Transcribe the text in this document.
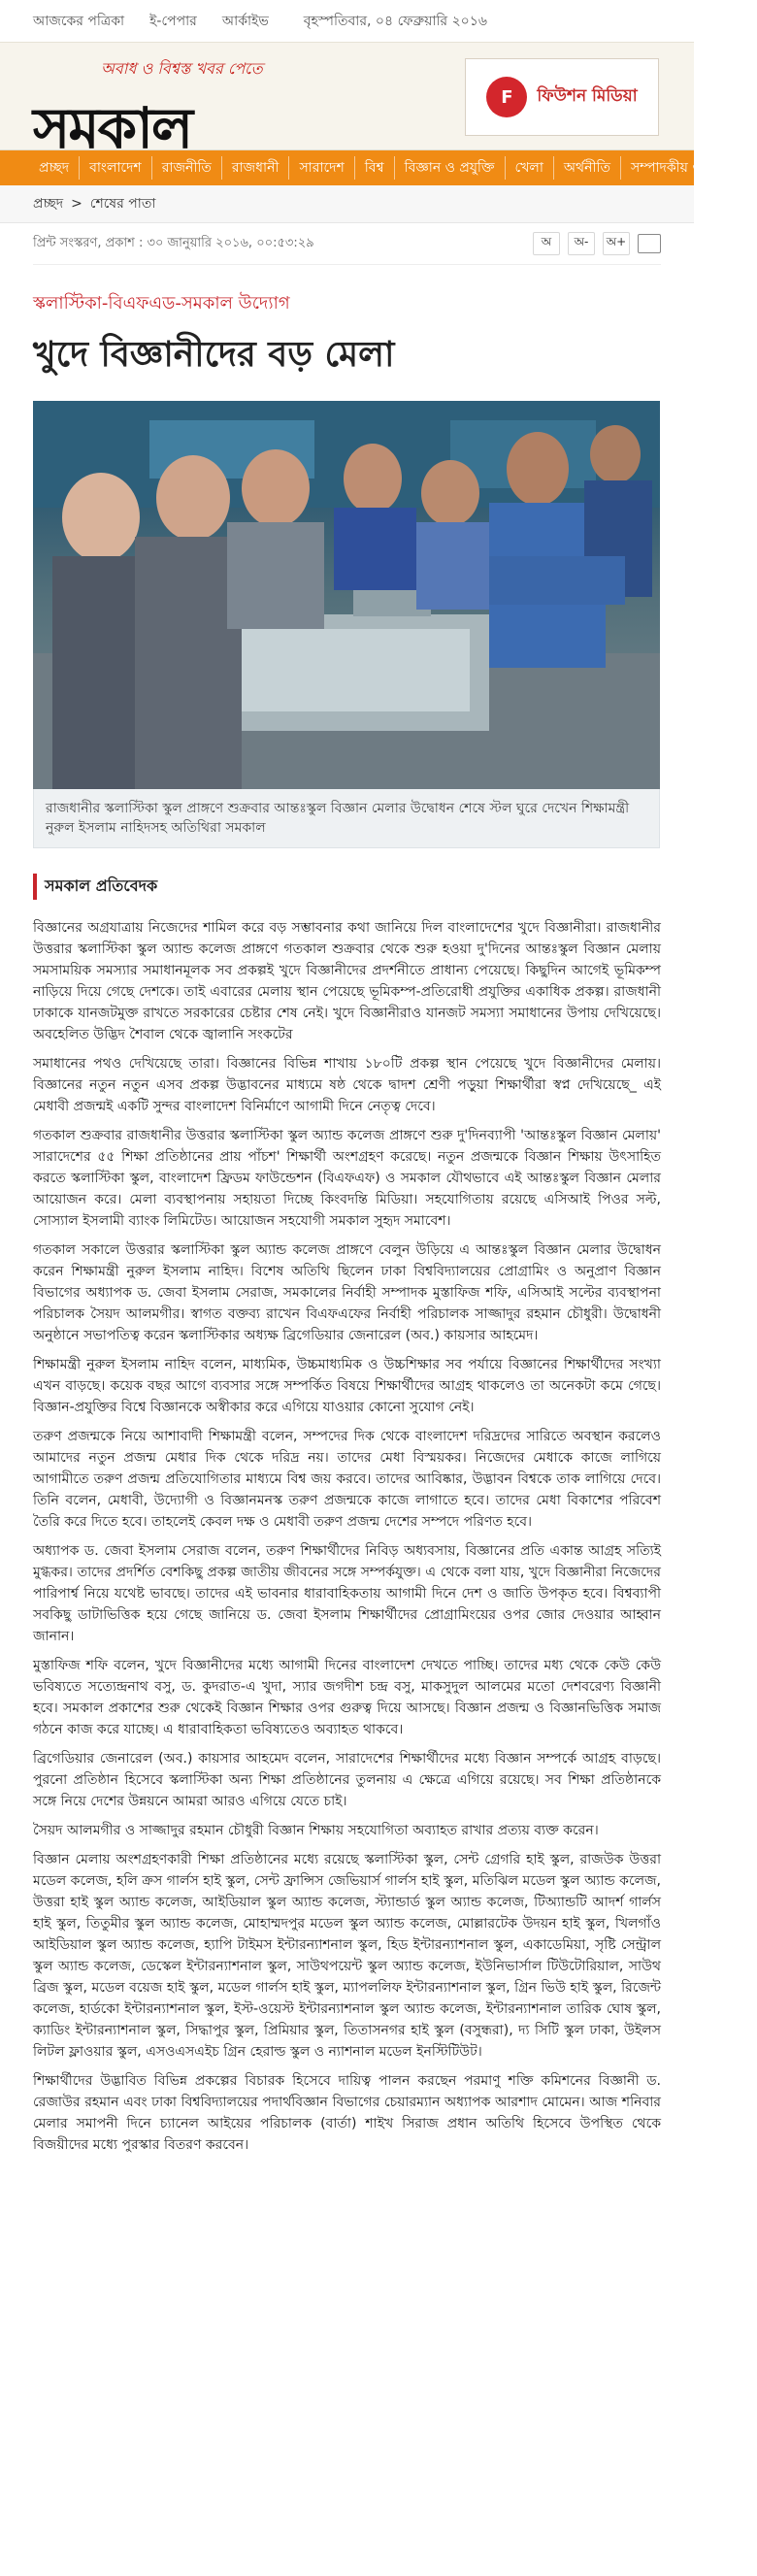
আজকের পত্রিকা ই-পেপার আর্কাইভ	বৃহস্পতিবার, ০৪ ফেব্রুয়ারি ২০১৬
অবাধ ও বিশ্বস্ত খবর পেতে
সমকাল	F	ফিউশন মিডিয়া
প্রচ্ছদ	বাংলাদেশ	রাজনীতি	রাজধানী	সারাদেশ	বিশ্ব	বিজ্ঞান ও প্রযুক্তি	খেলা	অর্থনীতি	সম্পাদকীয় ও মতামত
প্রচ্ছদ > শেষের পাতা
প্রিন্ট সংস্করণ, প্রকাশ : ৩০ জানুয়ারি ২০১৬, ০০:৫৩:২৯	অ	অ-	অ+
স্কলাস্টিকা-বিএফএড-সমকাল উদ্যোগ
খুদে বিজ্ঞানীদের বড় মেলা
রাজধানীর স্কলাস্টিকা স্কুল প্রাঙ্গণে শুক্রবার আন্তঃস্কুল বিজ্ঞান মেলার উদ্বোধন শেষে স্টল ঘুরে দেখেন শিক্ষামন্ত্রী নুরুল ইসলাম নাহিদসহ অতিথিরা সমকাল
সমকাল প্রতিবেদক

বিজ্ঞানের অগ্রযাত্রায় নিজেদের শামিল করে বড় সম্ভাবনার কথা জানিয়ে দিল বাংলাদেশের খুদে বিজ্ঞানীরা। রাজধানীর উত্তরার স্কলাস্টিকা স্কুল অ্যান্ড কলেজ প্রাঙ্গণে গতকাল শুক্রবার থেকে শুরু হওয়া দু'দিনের আন্তঃস্কুল বিজ্ঞান মেলায় সমসাময়িক সমস্যার সমাধানমূলক সব প্রকল্পই খুদে বিজ্ঞানীদের প্রদর্শনীতে প্রাধান্য পেয়েছে। কিছুদিন আগেই ভূমিকম্প নাড়িয়ে দিয়ে গেছে দেশকে। তাই এবারের মেলায় স্থান পেয়েছে ভূমিকম্প-প্রতিরোধী প্রযুক্তির একাধিক প্রকল্প। রাজধানী ঢাকাকে যানজটমুক্ত রাখতে সরকারের চেষ্টার শেষ নেই। খুদে বিজ্ঞানীরাও যানজট সমস্যা সমাধানের উপায় দেখিয়েছে। অবহেলিত উদ্ভিদ শৈবাল থেকে জ্বালানি সংকটের

সমাধানের পথও দেখিয়েছে তারা। বিজ্ঞানের বিভিন্ন শাখায় ১৮০টি প্রকল্প স্থান পেয়েছে খুদে বিজ্ঞানীদের মেলায়। বিজ্ঞানের নতুন নতুন এসব প্রকল্প উদ্ভাবনের মাধ্যমে ষষ্ঠ থেকে দ্বাদশ শ্রেণী পড়ুয়া শিক্ষার্থীরা স্বপ্ন দেখিয়েছে_ এই মেধাবী প্রজন্মই একটি সুন্দর বাংলাদেশ বিনির্মাণে আগামী দিনে নেতৃত্ব দেবে।

গতকাল শুক্রবার রাজধানীর উত্তরার স্কলাস্টিকা স্কুল অ্যান্ড কলেজ প্রাঙ্গণে শুরু দু'দিনব্যাপী 'আন্তঃস্কুল বিজ্ঞান মেলায়' সারাদেশের ৫৫ শিক্ষা প্রতিষ্ঠানের প্রায় পাঁচশ' শিক্ষার্থী অংশগ্রহণ করেছে। নতুন প্রজন্মকে বিজ্ঞান শিক্ষায় উৎসাহিত করতে স্কলাস্টিকা স্কুল, বাংলাদেশ ফ্রিডম ফাউন্ডেশন (বিএফএফ) ও সমকাল যৌথভাবে এই আন্তঃস্কুল বিজ্ঞান মেলার আয়োজন করে। মেলা ব্যবস্থাপনায় সহায়তা দিচ্ছে কিংবদন্তি মিডিয়া। সহযোগিতায় রয়েছে এসিআই পিওর সল্ট, সোস্যাল ইসলামী ব্যাংক লিমিটেড। আয়োজন সহযোগী সমকাল সুহৃদ সমাবেশ।

গতকাল সকালে উত্তরার স্কলাস্টিকা স্কুল অ্যান্ড কলেজ প্রাঙ্গণে বেলুন উড়িয়ে এ আন্তঃস্কুল বিজ্ঞান মেলার উদ্বোধন করেন শিক্ষামন্ত্রী নুরুল ইসলাম নাহিদ। বিশেষ অতিথি ছিলেন ঢাকা বিশ্ববিদ্যালয়ের প্রোগ্রামিং ও অনুপ্রাণ বিজ্ঞান বিভাগের অধ্যাপক ড. জেবা ইসলাম সেরাজ, সমকালের নির্বাহী সম্পাদক মুস্তাফিজ শফি, এসিআই সল্টের ব্যবস্থাপনা পরিচালক সৈয়দ আলমগীর। স্বাগত বক্তব্য রাখেন বিএফএফের নির্বাহী পরিচালক সাজ্জাদুর রহমান চৌধুরী। উদ্বোধনী অনুষ্ঠানে সভাপতিত্ব করেন স্কলাস্টিকার অধ্যক্ষ ব্রিগেডিয়ার জেনারেল (অব.) কায়সার আহমেদ।

শিক্ষামন্ত্রী নুরুল ইসলাম নাহিদ বলেন, মাধ্যমিক, উচ্চমাধ্যমিক ও উচ্চশিক্ষার সব পর্যায়ে বিজ্ঞানের শিক্ষার্থীদের সংখ্যা এখন বাড়ছে। কয়েক বছর আগে ব্যবসার সঙ্গে সম্পর্কিত বিষয়ে শিক্ষার্থীদের আগ্রহ থাকলেও তা অনেকটা কমে গেছে। বিজ্ঞান-প্রযুক্তির বিশ্বে বিজ্ঞানকে অস্বীকার করে এগিয়ে যাওয়ার কোনো সুযোগ নেই।

তরুণ প্রজন্মকে নিয়ে আশাবাদী শিক্ষামন্ত্রী বলেন, সম্পদের দিক থেকে বাংলাদেশ দরিদ্রদের সারিতে অবস্থান করলেও আমাদের নতুন প্রজন্ম মেধার দিক থেকে দরিদ্র নয়। তাদের মেধা বিস্ময়কর। নিজেদের মেধাকে কাজে লাগিয়ে আগামীতে তরুণ প্রজন্ম প্রতিযোগিতার মাধ্যমে বিশ্ব জয় করবে। তাদের আবিষ্কার, উদ্ভাবন বিশ্বকে তাক লাগিয়ে দেবে। তিনি বলেন, মেধাবী, উদ্যোগী ও বিজ্ঞানমনস্ক তরুণ প্রজন্মকে কাজে লাগাতে হবে। তাদের মেধা বিকাশের পরিবেশ তৈরি করে দিতে হবে। তাহলেই কেবল দক্ষ ও মেধাবী তরুণ প্রজন্ম দেশের সম্পদে পরিণত হবে।

অধ্যাপক ড. জেবা ইসলাম সেরাজ বলেন, তরুণ শিক্ষার্থীদের নিবিড় অধ্যবসায়, বিজ্ঞানের প্রতি একান্ত আগ্রহ সত্যিই মুগ্ধকর। তাদের প্রদর্শিত বেশকিছু প্রকল্প জাতীয় জীবনের সঙ্গে সম্পর্কযুক্ত। এ থেকে বলা যায়, খুদে বিজ্ঞানীরা নিজেদের পারিপার্শ্ব নিয়ে যথেষ্ট ভাবছে। তাদের এই ভাবনার ধারাবাহিকতায় আগামী দিনে দেশ ও জাতি উপকৃত হবে। বিশ্বব্যাপী সবকিছু ডাটাভিত্তিক হয়ে গেছে জানিয়ে ড. জেবা ইসলাম শিক্ষার্থীদের প্রোগ্রামিংয়ের ওপর জোর দেওয়ার আহ্বান জানান।

মুস্তাফিজ শফি বলেন, খুদে বিজ্ঞানীদের মধ্যে আগামী দিনের বাংলাদেশ দেখতে পাচ্ছি। তাদের মধ্য থেকে কেউ কেউ ভবিষ্যতে সত্যেন্দ্রনাথ বসু, ড. কুদরাত-এ খুদা, স্যার জগদীশ চন্দ্র বসু, মাকসুদুল আলমের মতো দেশবরেণ্য বিজ্ঞানী হবে। সমকাল প্রকাশের শুরু থেকেই বিজ্ঞান শিক্ষার ওপর গুরুত্ব দিয়ে আসছে। বিজ্ঞান প্রজন্ম ও বিজ্ঞানভিত্তিক সমাজ গঠনে কাজ করে যাচ্ছে। এ ধারাবাহিকতা ভবিষ্যতেও অব্যাহত থাকবে।

ব্রিগেডিয়ার জেনারেল (অব.) কায়সার আহমেদ বলেন, সারাদেশের শিক্ষার্থীদের মধ্যে বিজ্ঞান সম্পর্কে আগ্রহ বাড়ছে। পুরনো প্রতিষ্ঠান হিসেবে স্কলাস্টিকা অন্য শিক্ষা প্রতিষ্ঠানের তুলনায় এ ক্ষেত্রে এগিয়ে রয়েছে। সব শিক্ষা প্রতিষ্ঠানকে সঙ্গে নিয়ে দেশের উন্নয়নে আমরা আরও এগিয়ে যেতে চাই।

সৈয়দ আলমগীর ও সাজ্জাদুর রহমান চৌধুরী বিজ্ঞান শিক্ষায় সহযোগিতা অব্যাহত রাখার প্রত্যয় ব্যক্ত করেন।

বিজ্ঞান মেলায় অংশগ্রহণকারী শিক্ষা প্রতিষ্ঠানের মধ্যে রয়েছে স্কলাস্টিকা স্কুল, সেন্ট গ্রেগরি হাই স্কুল, রাজউক উত্তরা মডেল কলেজ, হলি ক্রস গার্লস হাই স্কুল, সেন্ট ফ্রান্সিস জেভিয়ার্স গার্লস হাই স্কুল, মতিঝিল মডেল স্কুল অ্যান্ড কলেজ, উত্তরা হাই স্কুল অ্যান্ড কলেজ, আইডিয়াল স্কুল অ্যান্ড কলেজ, স্ট্যান্ডার্ড স্কুল অ্যান্ড কলেজ, টিঅ্যান্ডটি আদর্শ গার্লস হাই স্কুল, তিতুমীর স্কুল অ্যান্ড কলেজ, মোহাম্মদপুর মডেল স্কুল অ্যান্ড কলেজ, মোল্লারটেক উদয়ন হাই স্কুল, খিলগাঁও আইডিয়াল স্কুল অ্যান্ড কলেজ, হ্যাপি টাইমস ইন্টারন্যাশনাল স্কুল, হিড ইন্টারন্যাশনাল স্কুল, একাডেমিয়া, সৃষ্টি সেন্ট্রাল স্কুল অ্যান্ড কলেজ, ডেস্কেল ইন্টারন্যাশনাল স্কুল, সাউথপয়েন্ট স্কুল অ্যান্ড কলেজ, ইউনিভার্সাল টিউটোরিয়াল, সাউথ ব্রিজ স্কুল, মডেল বয়েজ হাই স্কুল, মডেল গার্লস হাই স্কুল, ম্যাপললিফ ইন্টারন্যাশনাল স্কুল, গ্রিন ভিউ হাই স্কুল, রিজেন্ট কলেজ, হার্ডকো ইন্টারন্যাশনাল স্কুল, ইস্ট-ওয়েস্ট ইন্টারন্যাশনাল স্কুল অ্যান্ড কলেজ, ইন্টারন্যাশনাল তারিক ঘোষ স্কুল, ক্যাডিং ইন্টারন্যাশনাল স্কুল, সিদ্ধাপুর স্কুল, প্রিমিয়ার স্কুল, তিতাসনগর হাই স্কুল (বসুন্ধরা), দ্য সিটি স্কুল ঢাকা, উইলস লিটল ফ্লাওয়ার স্কুল, এসওএসএইচ গ্রিন হেরাল্ড স্কুল ও ন্যাশনাল মডেল ইনস্টিটিউট।

শিক্ষার্থীদের উদ্ভাবিত বিভিন্ন প্রকল্পের বিচারক হিসেবে দায়িত্ব পালন করছেন পরমাণু শক্তি কমিশনের বিজ্ঞানী ড. রেজাউর রহমান এবং ঢাকা বিশ্ববিদ্যালয়ের পদার্থবিজ্ঞান বিভাগের চেয়ারম্যান অধ্যাপক আরশাদ মোমেন। আজ শনিবার মেলার সমাপনী দিনে চ্যানেল আইয়ের পরিচালক (বার্তা) শাইখ সিরাজ প্রধান অতিথি হিসেবে উপস্থিত থেকে বিজয়ীদের মধ্যে পুরস্কার বিতরণ করবেন।
